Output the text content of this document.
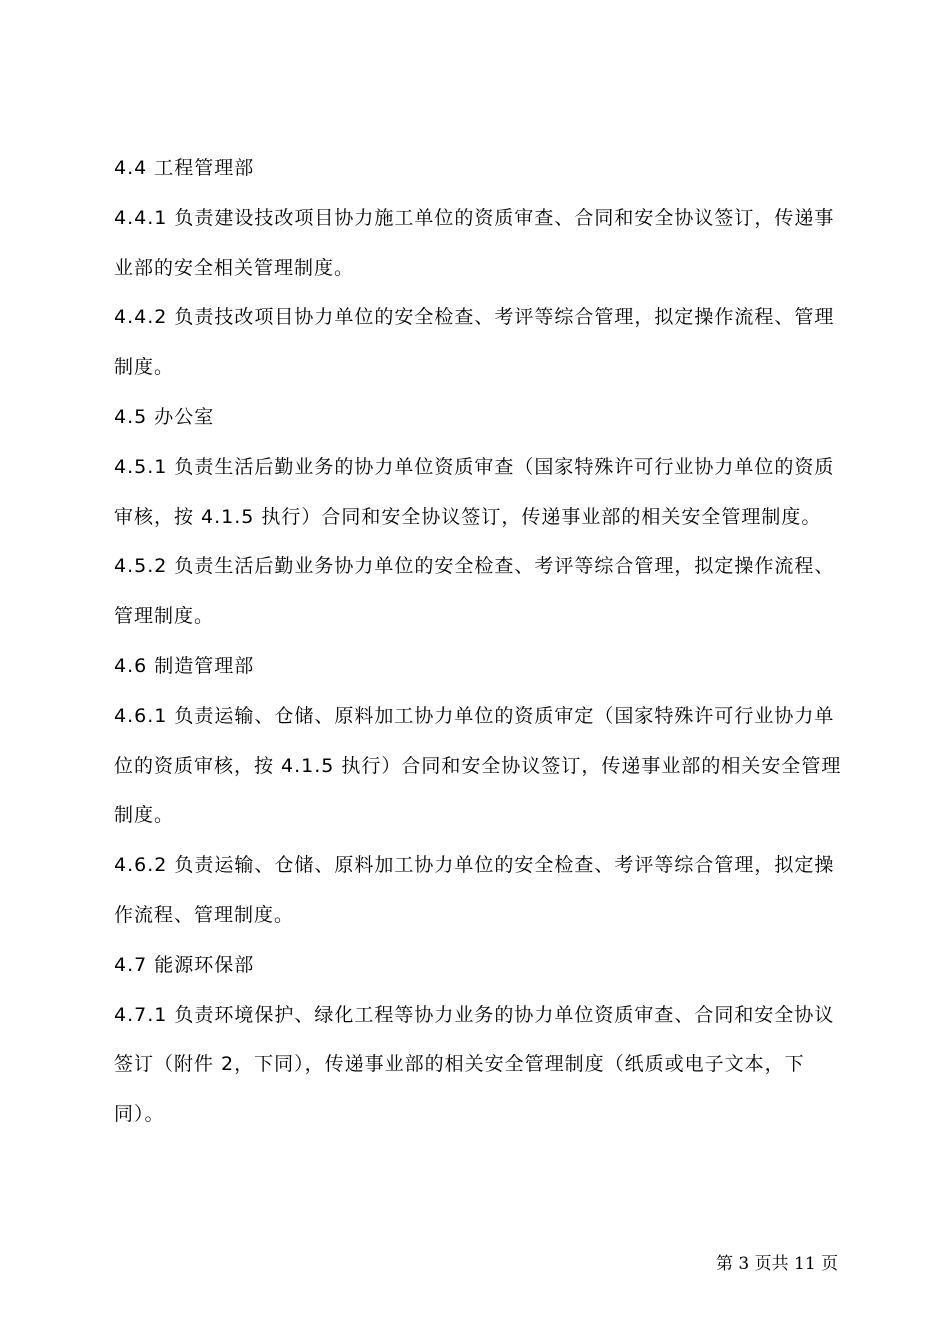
4.4 工程管理部

4.4.1 负责建设技改项目协力施工单位的资质审查、合同和安全协议签订，传递事业部的安全相关管理制度。

4.4.2 负责技改项目协力单位的安全检查、考评等综合管理，拟定操作流程、管理制度。

4.5 办公室

4.5.1 负责生活后勤业务的协力单位资质审查（国家特殊许可行业协力单位的资质审核，按 4.1.5 执行）合同和安全协议签订，传递事业部的相关安全管理制度。

4.5.2 负责生活后勤业务协力单位的安全检查、考评等综合管理，拟定操作流程、管理制度。

4.6 制造管理部

4.6.1 负责运输、仓储、原料加工协力单位的资质审定（国家特殊许可行业协力单位的资质审核，按 4.1.5 执行）合同和安全协议签订，传递事业部的相关安全管理制度。

4.6.2 负责运输、仓储、原料加工协力单位的安全检查、考评等综合管理，拟定操作流程、管理制度。

4.7 能源环保部

4.7.1 负责环境保护、绿化工程等协力业务的协力单位资质审查、合同和安全协议签订（附件 2，下同），传递事业部的相关安全管理制度（纸质或电子文本，下同）。

第 3 页共 11 页
